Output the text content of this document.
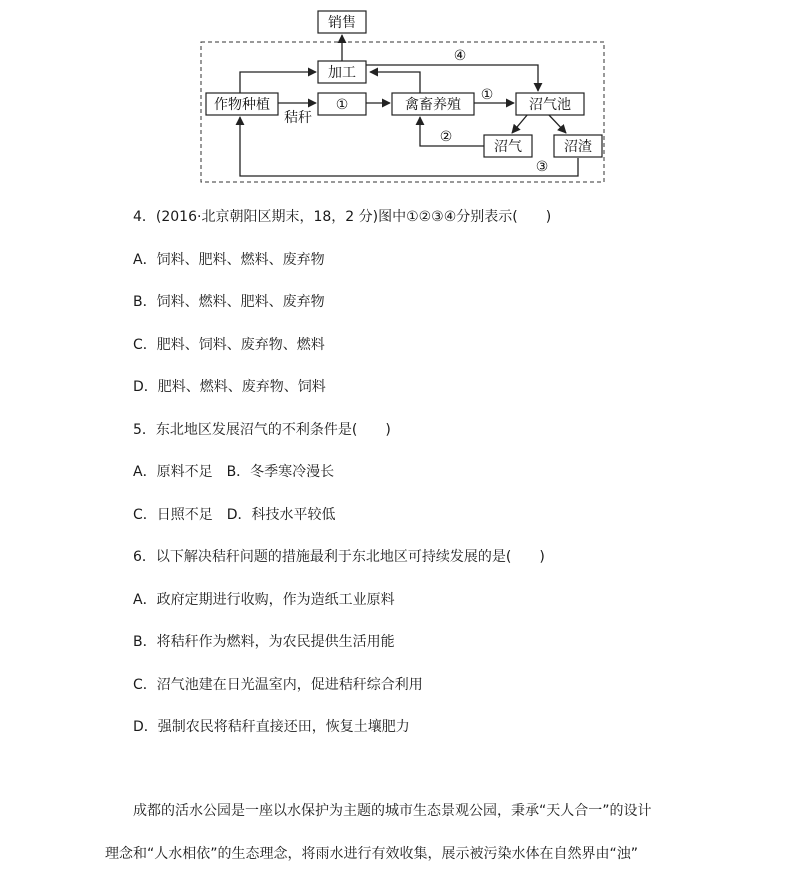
销售
加工
作物种植	①	禽畜养殖	沼气池
沼气	沼渣
秸秆
①
②
③
④
4．(2016·北京朝阳区期末，18，2 分)图中①②③④分别表示(　　)
A．饲料、肥料、燃料、废弃物
B．饲料、燃料、肥料、废弃物
C．肥料、饲料、废弃物、燃料
D．肥料、燃料、废弃物、饲料
5．东北地区发展沼气的不利条件是(　　)
A．原料不足　B．冬季寒冷漫长
C．日照不足　D．科技水平较低
6．以下解决秸秆问题的措施最利于东北地区可持续发展的是(　　)
A．政府定期进行收购，作为造纸工业原料
B．将秸秆作为燃料，为农民提供生活用能
C．沼气池建在日光温室内，促进秸秆综合利用
D．强制农民将秸秆直接还田，恢复土壤肥力
成都的活水公园是一座以水保护为主题的城市生态景观公园，秉承“天人合一”的设计
理念和“人水相依”的生态理念，将雨水进行有效收集，展示被污染水体在自然界由“浊”
